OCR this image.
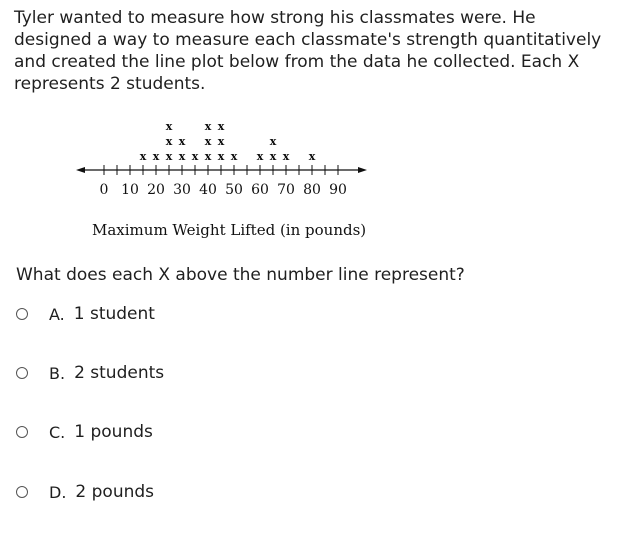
Tyler wanted to measure how strong his classmates were. He designed a way to measure each classmate's strength quantitatively and created the line plot below from the data he collected. Each X represents 2 students.

x x x
x
x
x
x
x x
x
x
x
x
x
x x x
x
x x
0 10 20 30 40 50 60 70 80 90

Maximum Weight Lifted (in pounds)

What does each X above the number line represent?

A. 1 student
B. 2 students
C. 1 pounds
D. 2 pounds
